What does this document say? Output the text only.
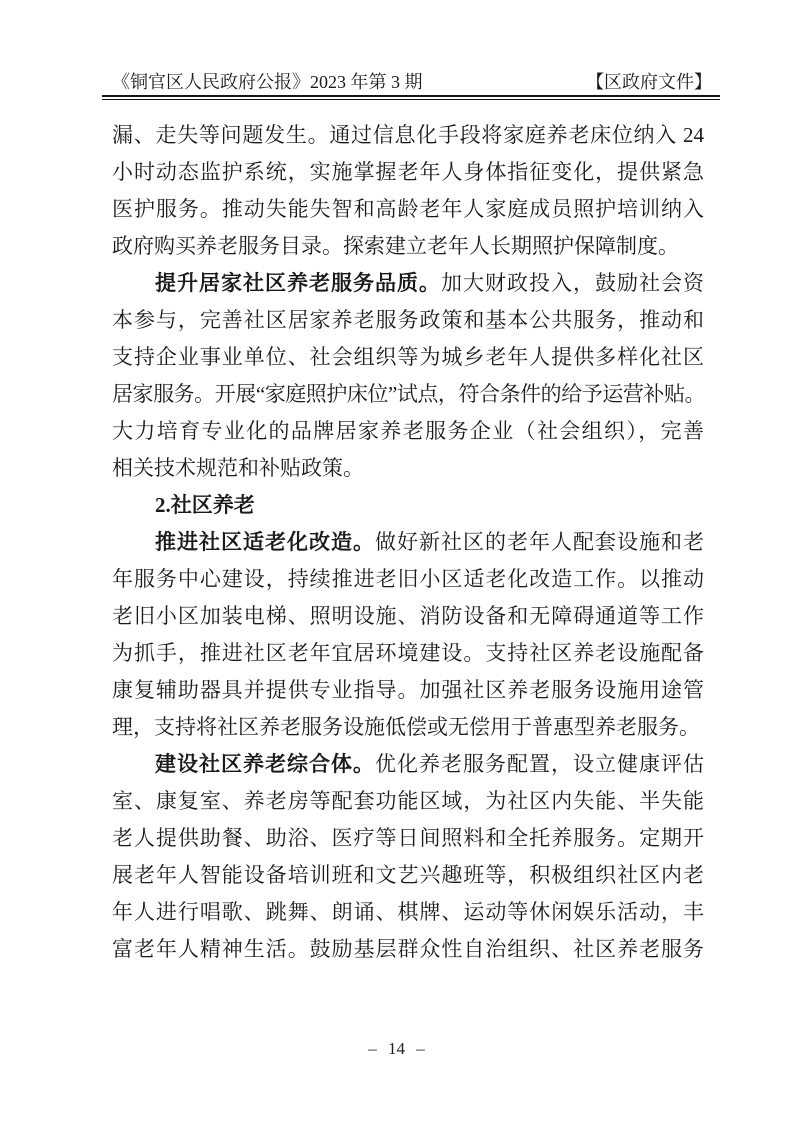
《铜官区人民政府公报》2023 年第 3 期	【区政府文件】
漏、走失等问题发生。通过信息化手段将家庭养老床位纳入 24
小时动态监护系统，实施掌握老年人身体指征变化，提供紧急
医护服务。推动失能失智和高龄老年人家庭成员照护培训纳入
政府购买养老服务目录。探索建立老年人长期照护保障制度。
提升居家社区养老服务品质。加大财政投入，鼓励社会资
本参与，完善社区居家养老服务政策和基本公共服务，推动和
支持企业事业单位、社会组织等为城乡老年人提供多样化社区
居家服务。开展“家庭照护床位”试点，符合条件的给予运营补贴。
大力培育专业化的品牌居家养老服务企业（社会组织），完善
相关技术规范和补贴政策。
2.社区养老
推进社区适老化改造。做好新社区的老年人配套设施和老
年服务中心建设，持续推进老旧小区适老化改造工作。以推动
老旧小区加装电梯、照明设施、消防设备和无障碍通道等工作
为抓手，推进社区老年宜居环境建设。支持社区养老设施配备
康复辅助器具并提供专业指导。加强社区养老服务设施用途管
理，支持将社区养老服务设施低偿或无偿用于普惠型养老服务。
建设社区养老综合体。优化养老服务配置，设立健康评估
室、康复室、养老房等配套功能区域，为社区内失能、半失能
老人提供助餐、助浴、医疗等日间照料和全托养服务。定期开
展老年人智能设备培训班和文艺兴趣班等，积极组织社区内老
年人进行唱歌、跳舞、朗诵、棋牌、运动等休闲娱乐活动，丰
富老年人精神生活。鼓励基层群众性自治组织、社区养老服务
– 14 –
